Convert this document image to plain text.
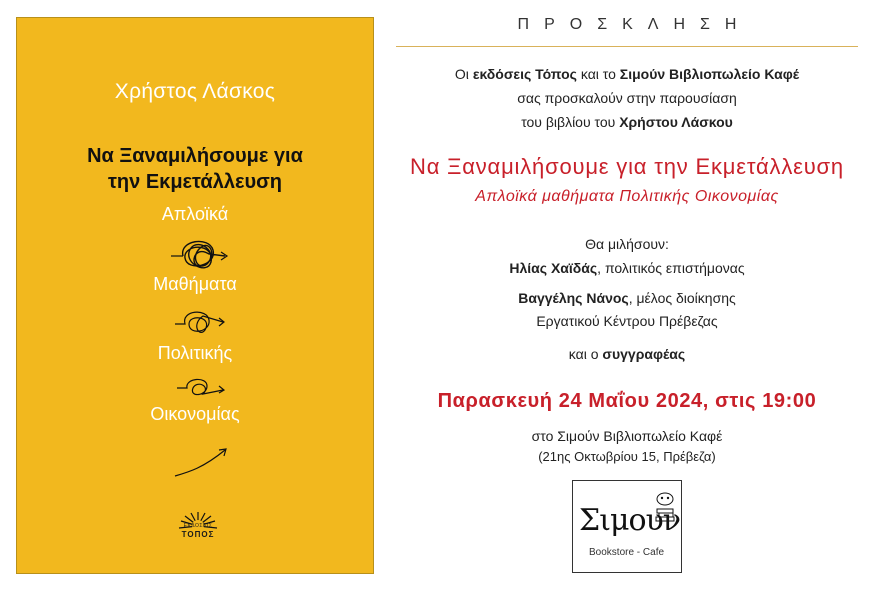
Χρήστος Λάσκος
Να Ξαναμιλήσουμε για
την Εκμετάλλευση
Απλοϊκά
Μαθήματα
Πολιτικής
Οικονομίας
ΕΚΔΟΣΕΙΣ
ΤΟΠΟΣ
ΠΡΟΣΚΛΗΣΗ
Οι εκδόσεις Τόπος και το Σιμούν Βιβλιοπωλείο Καφέ
σας προσκαλούν στην παρουσίαση
του βιβλίου του Χρήστου Λάσκου
Να Ξαναμιλήσουμε για την Εκμετάλλευση
Απλοϊκά μαθήματα Πολιτικής Οικονομίας
Θα μιλήσουν:
Ηλίας Χαϊδάς, πολιτικός επιστήμονας
Βαγγέλης Νάνος, μέλος διοίκησης
Εργατικού Κέντρου Πρέβεζας
και ο συγγραφέας
Παρασκευή 24 Μαΐου 2024, στις 19:00
στο Σιμούν Βιβλιοπωλείο Καφέ
(21ης Οκτωβρίου 15, Πρέβεζα)
Σιμουν
Bookstore - Cafe
